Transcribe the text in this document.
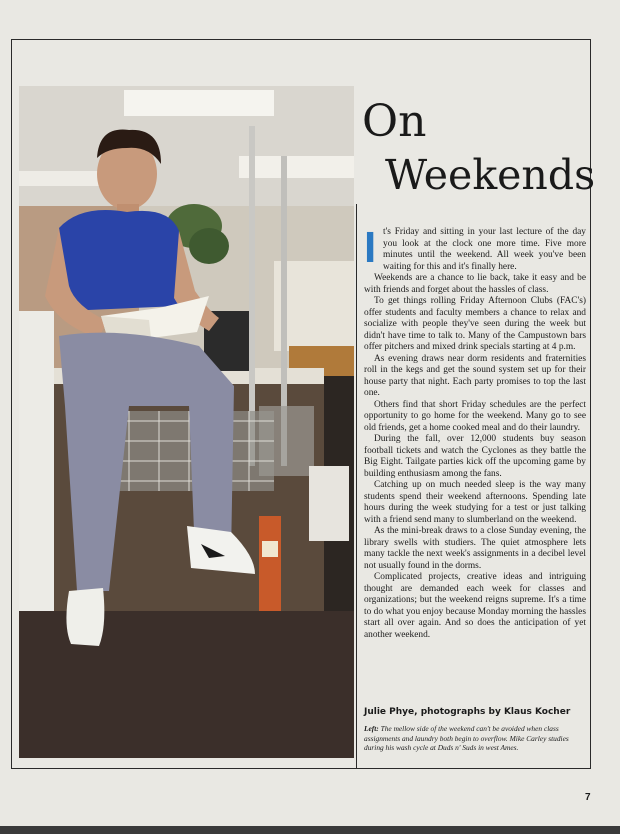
On
Weekends

It's Friday and sitting in your last lecture of the day you look at the clock one more time. Five more minutes until the weekend. All week you've been waiting for this and it's finally here.

Weekends are a chance to lie back, take it easy and be with friends and forget about the hassles of class.

To get things rolling Friday Afternoon Clubs (FAC's) offer students and faculty members a chance to relax and socialize with people they've seen during the week but didn't have time to talk to. Many of the Campustown bars offer pitchers and mixed drink specials starting at 4 p.m.

As evening draws near dorm residents and fraternities roll in the kegs and get the sound system set up for their house party that night. Each party promises to top the last one.

Others find that short Friday schedules are the perfect opportunity to go home for the weekend. Many go to see old friends, get a home cooked meal and do their laundry.

During the fall, over 12,000 students buy season football tickets and watch the Cyclones as they battle the Big Eight. Tailgate parties kick off the upcoming game by building enthusiasm among the fans.

Catching up on much needed sleep is the way many students spend their weekend afternoons. Spending late hours during the week studying for a test or just talking with a friend send many to slumberland on the weekend.

As the mini-break draws to a close Sunday evening, the library swells with studiers. The quiet atmosphere lets many tackle the next week's assignments in a decibel level not usually found in the dorms.

Complicated projects, creative ideas and intriguing thought are demanded each week for classes and organizations; but the weekend reigns supreme. It's a time to do what you enjoy because Monday morning the hassles start all over again. And so does the anticipation of yet another weekend.

Julie Phye, photographs by Klaus Kocher
Left: The mellow side of the weekend can't be avoided when class assignments and laundry both begin to overflow. Mike Carley studies during his wash cycle at Duds n' Suds in west Ames.
7
